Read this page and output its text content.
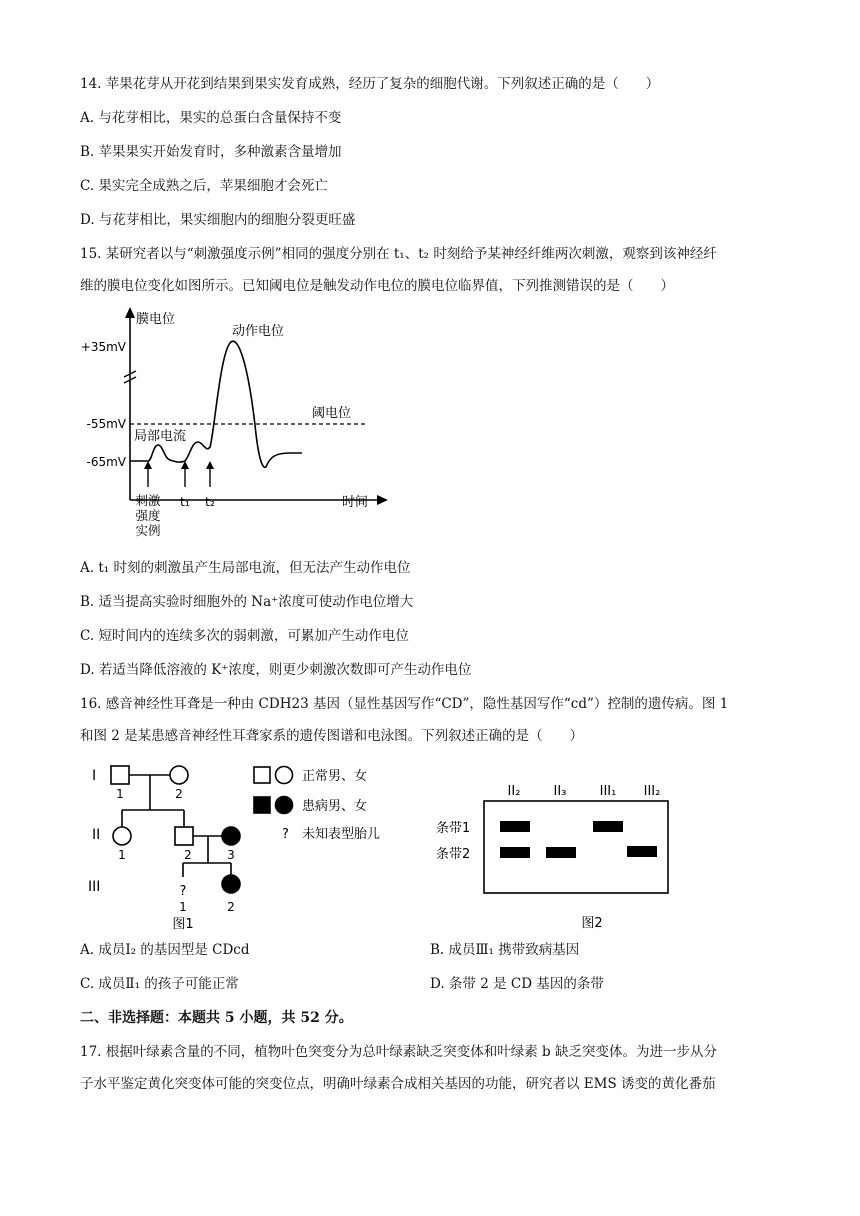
14. 苹果花芽从开花到结果到果实发育成熟，经历了复杂的细胞代谢。下列叙述正确的是（　　）
A. 与花芽相比，果实的总蛋白含量保持不变
B. 苹果果实开始发育时，多种激素含量增加
C. 果实完全成熟之后，苹果细胞才会死亡
D. 与花芽相比，果实细胞内的细胞分裂更旺盛
15. 某研究者以与“刺激强度示例”相同的强度分别在 t₁、t₂ 时刻给予某神经纤维两次刺激，观察到该神经纤
维的膜电位变化如图所示。已知阈电位是触发动作电位的膜电位临界值，下列推测错误的是（　　）
膜电位
+35mV
-55mV
-65mV
动作电位
阈电位
局部电流
刺激
强度
实例
t₁ t₂	时间
A. t₁ 时刻的刺激虽产生局部电流，但无法产生动作电位
B. 适当提高实验时细胞外的 Na⁺浓度可使动作电位增大
C. 短时间内的连续多次的弱刺激，可累加产生动作电位
D. 若适当降低溶液的 K⁺浓度，则更少刺激次数即可产生动作电位
16. 感音神经性耳聋是一种由 CDH23 基因（显性基因写作“CD”，隐性基因写作“cd”）控制的遗传病。图 1
和图 2 是某患感音神经性耳聋家系的遗传图谱和电泳图。下列叙述正确的是（　　）
I
II
III
1	2
1	2	3
?
1	2
正常男、女
患病男、女
? 未知表型胎儿
图1
II₂	II₃	III₁ III₂
条带1
条带2
图2
A. 成员Ⅰ₂ 的基因型是 CDcd	B. 成员Ⅲ₁ 携带致病基因
C. 成员Ⅱ₁ 的孩子可能正常	D. 条带 2 是 CD 基因的条带
二、非选择题：本题共 5 小题，共 52 分。
17. 根据叶绿素含量的不同，植物叶色突变分为总叶绿素缺乏突变体和叶绿素 b 缺乏突变体。为进一步从分
子水平鉴定黄化突变体可能的突变位点，明确叶绿素合成相关基因的功能，研究者以 EMS 诱变的黄化番茄
